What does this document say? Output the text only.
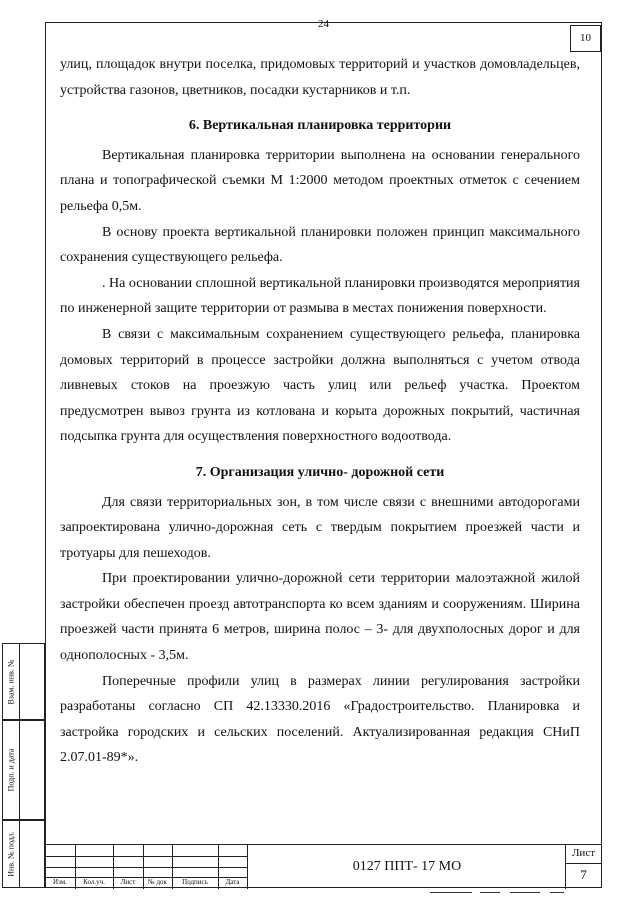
24
10

улиц, площадок внутри поселка, придомовых территорий и участков домовладельцев, устройства газонов, цветников, посадки кустарников и т.п.

6. Вертикальная планировка территории

Вертикальная планировка территории выполнена на основании генерального плана и топографической съемки М 1:2000 методом проектных отметок с сечением рельефа 0,5м.

В основу проекта вертикальной планировки положен принцип максимального сохранения существующего рельефа.

. На основании сплошной вертикальной планировки производятся мероприятия по инженерной защите территории от размыва в местах понижения поверхности.

В связи с максимальным сохранением существующего рельефа, планировка домовых территорий в процессе застройки должна выполняться с учетом отвода ливневых стоков на проезжую часть улиц или рельеф участка. Проектом предусмотрен вывоз грунта из котлована и корыта дорожных покрытий, частичная подсыпка грунта для осуществления поверхностного водоотвода.

7. Организация улично- дорожной сети

Для связи территориальных зон, в том числе связи с внешними автодорогами запроектирована улично-дорожная сеть с твердым покрытием проезжей части и тротуары для пешеходов.

При проектировании улично-дорожной сети территории малоэтажной жилой застройки обеспечен проезд автотранспорта ко всем зданиям и сооружениям. Ширина проезжей части принята 6 метров, ширина полос – 3- для двухполосных дорог и для однополосных - 3,5м.

Поперечные профили улиц в размерах линии регулирования застройки разработаны согласно СП 42.13330.2016 «Градостроительство. Планировка и застройка городских и сельских поселений. Актуализированная редакция СНиП 2.07.01-89*».

Взам. инв. №
Подп. и дата
Инв. № подл.
Изм.	Кол.уч.	Лист	№ док	Подпись	Дата
0127 ППТ- 17 МО
Лист
7
